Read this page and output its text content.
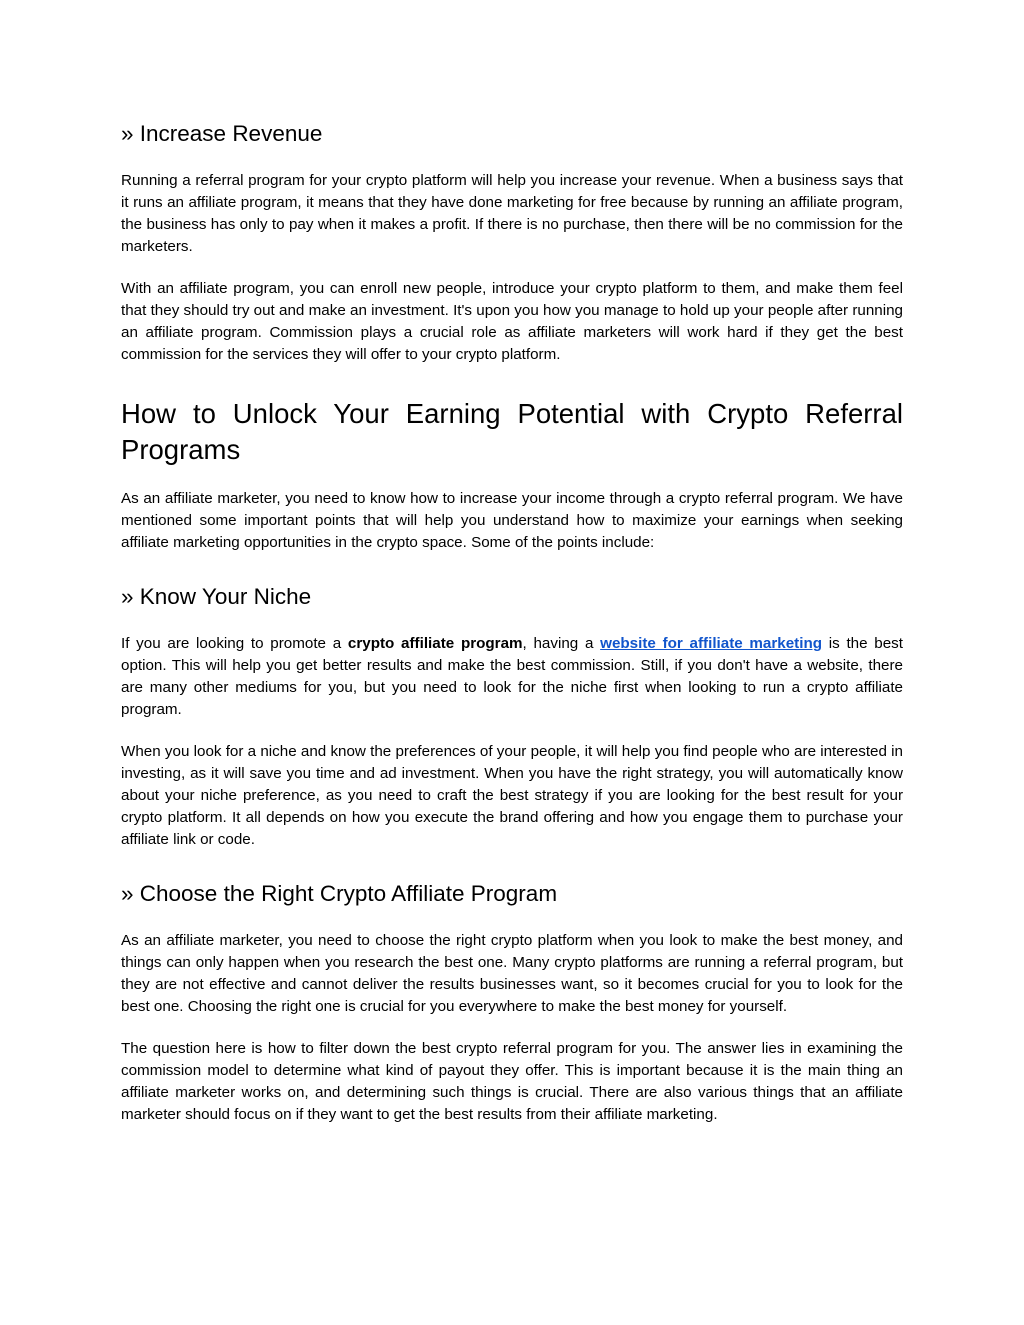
» Increase Revenue

Running a referral program for your crypto platform will help you increase your revenue. When a business says that it runs an affiliate program, it means that they have done marketing for free because by running an affiliate program, the business has only to pay when it makes a profit. If there is no purchase, then there will be no commission for the marketers.

With an affiliate program, you can enroll new people, introduce your crypto platform to them, and make them feel that they should try out and make an investment. It's upon you how you manage to hold up your people after running an affiliate program. Commission plays a crucial role as affiliate marketers will work hard if they get the best commission for the services they will offer to your crypto platform.

How to Unlock Your Earning Potential with Crypto Referral Programs

As an affiliate marketer, you need to know how to increase your income through a crypto referral program. We have mentioned some important points that will help you understand how to maximize your earnings when seeking affiliate marketing opportunities in the crypto space. Some of the points include:

» Know Your Niche

If you are looking to promote a crypto affiliate program, having a website for affiliate marketing is the best option. This will help you get better results and make the best commission. Still, if you don't have a website, there are many other mediums for you, but you need to look for the niche first when looking to run a crypto affiliate program.

When you look for a niche and know the preferences of your people, it will help you find people who are interested in investing, as it will save you time and ad investment. When you have the right strategy, you will automatically know about your niche preference, as you need to craft the best strategy if you are looking for the best result for your crypto platform. It all depends on how you execute the brand offering and how you engage them to purchase your affiliate link or code.

» Choose the Right Crypto Affiliate Program

As an affiliate marketer, you need to choose the right crypto platform when you look to make the best money, and things can only happen when you research the best one. Many crypto platforms are running a referral program, but they are not effective and cannot deliver the results businesses want, so it becomes crucial for you to look for the best one. Choosing the right one is crucial for you everywhere to make the best money for yourself.

The question here is how to filter down the best crypto referral program for you. The answer lies in examining the commission model to determine what kind of payout they offer. This is important because it is the main thing an affiliate marketer works on, and determining such things is crucial. There are also various things that an affiliate marketer should focus on if they want to get the best results from their affiliate marketing.
